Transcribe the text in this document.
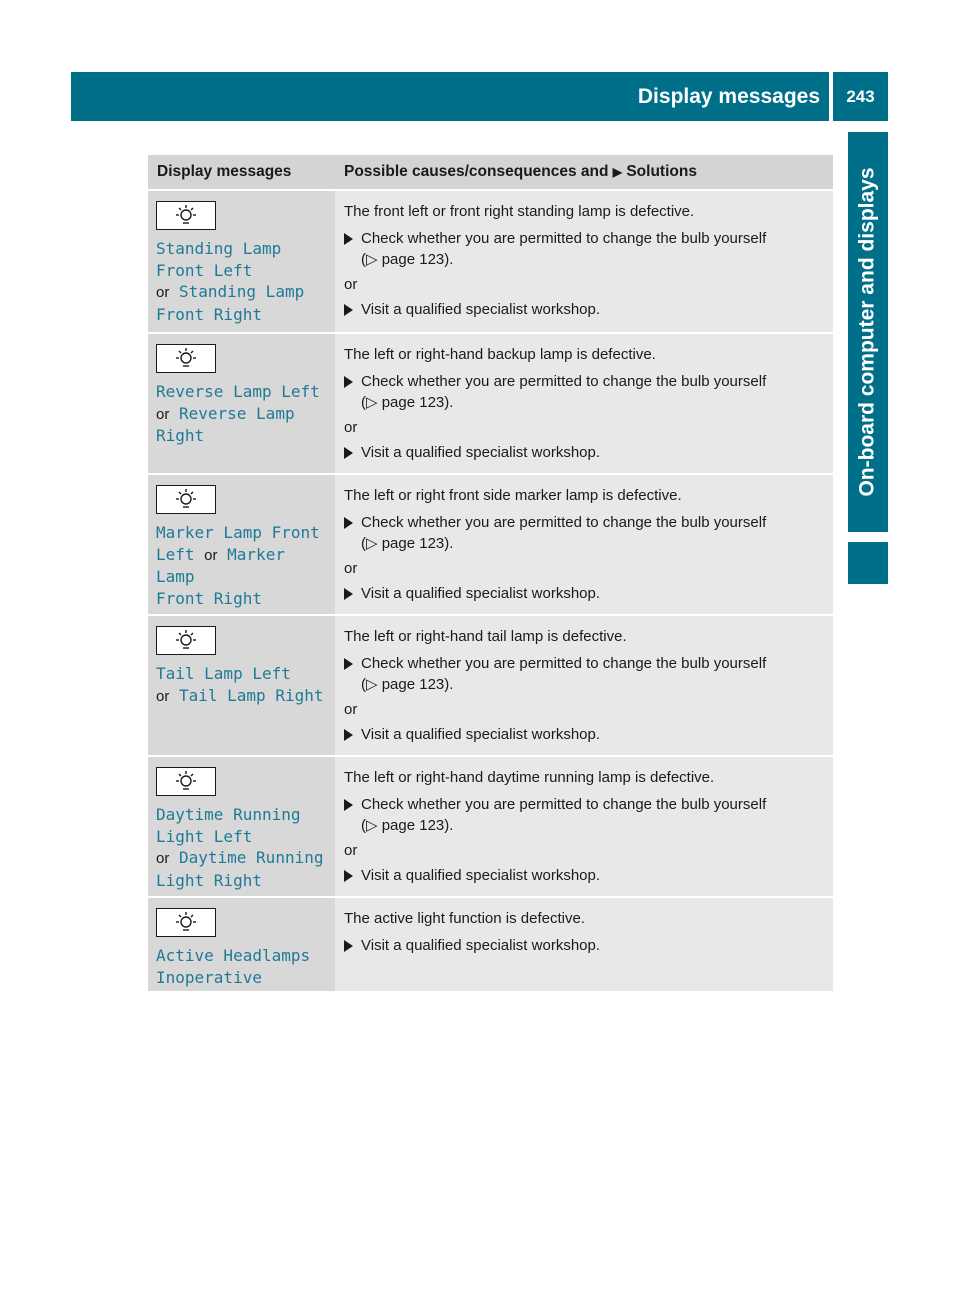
Display messages	243
On-board computer and displays
Display messages	Possible causes/consequences and ▶ Solutions
Standing Lamp
Front Left
or Standing Lamp
Front Right

The front left or front right standing lamp is defective.

Check whether you are permitted to change the bulb yourself
(▷ page 123).

or

Visit a qualified specialist workshop.

Reverse Lamp Left
or Reverse Lamp
Right

The left or right-hand backup lamp is defective.

Check whether you are permitted to change the bulb yourself
(▷ page 123).

or

Visit a qualified specialist workshop.

Marker Lamp Front
Left or Marker Lamp
Front Right

The left or right front side marker lamp is defective.

Check whether you are permitted to change the bulb yourself
(▷ page 123).

or

Visit a qualified specialist workshop.

Tail Lamp Left
or Tail Lamp Right

The left or right-hand tail lamp is defective.

Check whether you are permitted to change the bulb yourself
(▷ page 123).

or

Visit a qualified specialist workshop.

Daytime Running
Light Left
or Daytime Running
Light Right

The left or right-hand daytime running lamp is defective.

Check whether you are permitted to change the bulb yourself
(▷ page 123).

or

Visit a qualified specialist workshop.

Active Headlamps
Inoperative

The active light function is defective.

Visit a qualified specialist workshop.
